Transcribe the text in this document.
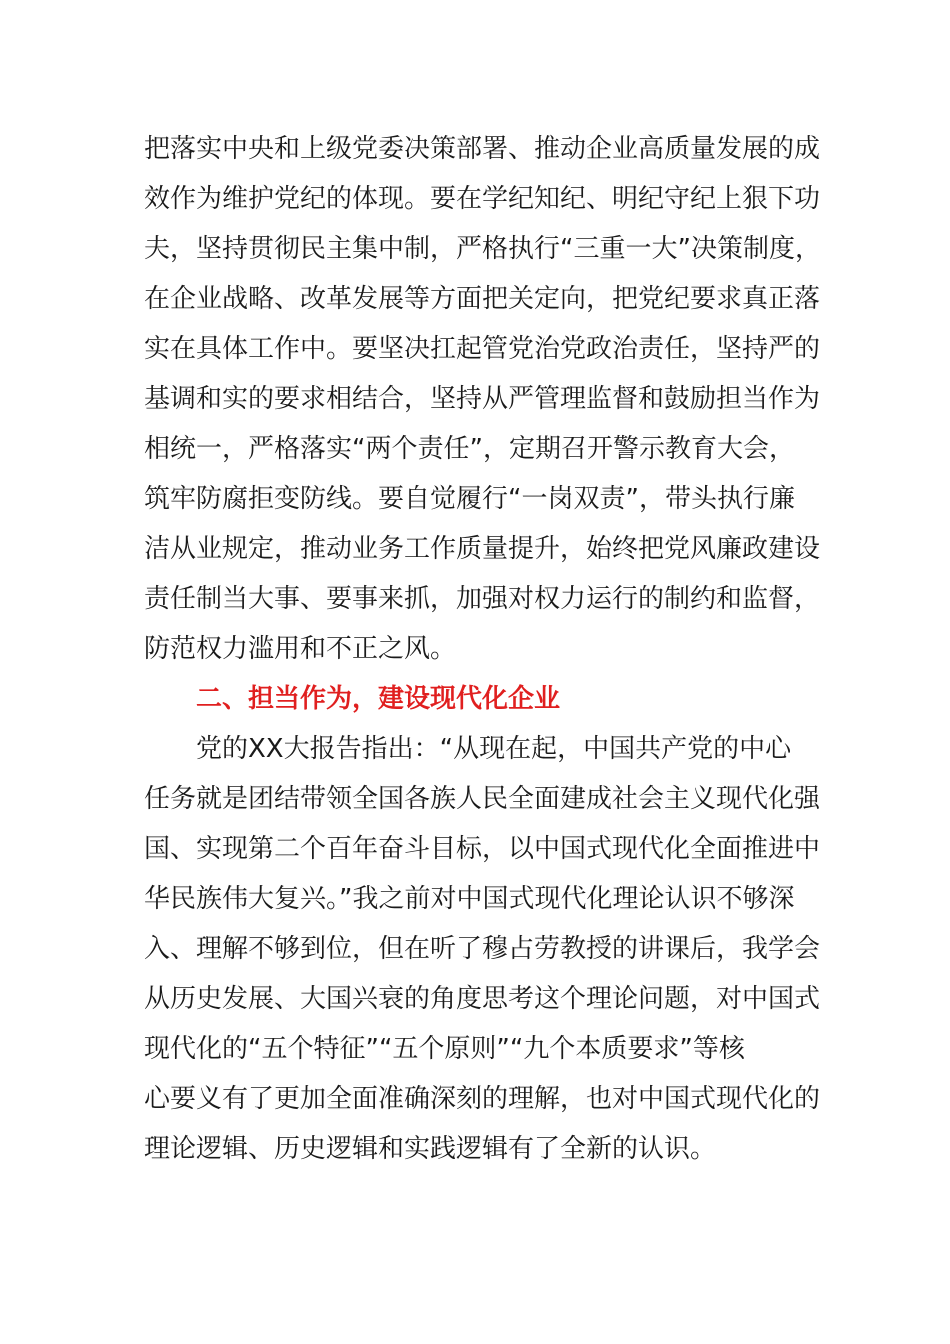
把落实中央和上级党委决策部署、推动企业高质量发展的成
效作为维护党纪的体现。要在学纪知纪、明纪守纪上狠下功
夫，坚持贯彻民主集中制，严格执行“三重一大”决策制度，
在企业战略、改革发展等方面把关定向，把党纪要求真正落
实在具体工作中。要坚决扛起管党治党政治责任，坚持严的
基调和实的要求相结合，坚持从严管理监督和鼓励担当作为
相统一，严格落实“两个责任”，定期召开警示教育大会，
筑牢防腐拒变防线。要自觉履行“一岗双责”，带头执行廉
洁从业规定，推动业务工作质量提升，始终把党风廉政建设
责任制当大事、要事来抓，加强对权力运行的制约和监督，
防范权力滥用和不正之风。
二、担当作为，建设现代化企业
党的XX大报告指出：“从现在起，中国共产党的中心
任务就是团结带领全国各族人民全面建成社会主义现代化强
国、实现第二个百年奋斗目标，以中国式现代化全面推进中
华民族伟大复兴。”我之前对中国式现代化理论认识不够深
入、理解不够到位，但在听了穆占劳教授的讲课后，我学会
从历史发展、大国兴衰的角度思考这个理论问题，对中国式
现代化的“五个特征”“五个原则”“九个本质要求”等核
心要义有了更加全面准确深刻的理解，也对中国式现代化的
理论逻辑、历史逻辑和实践逻辑有了全新的认识。
